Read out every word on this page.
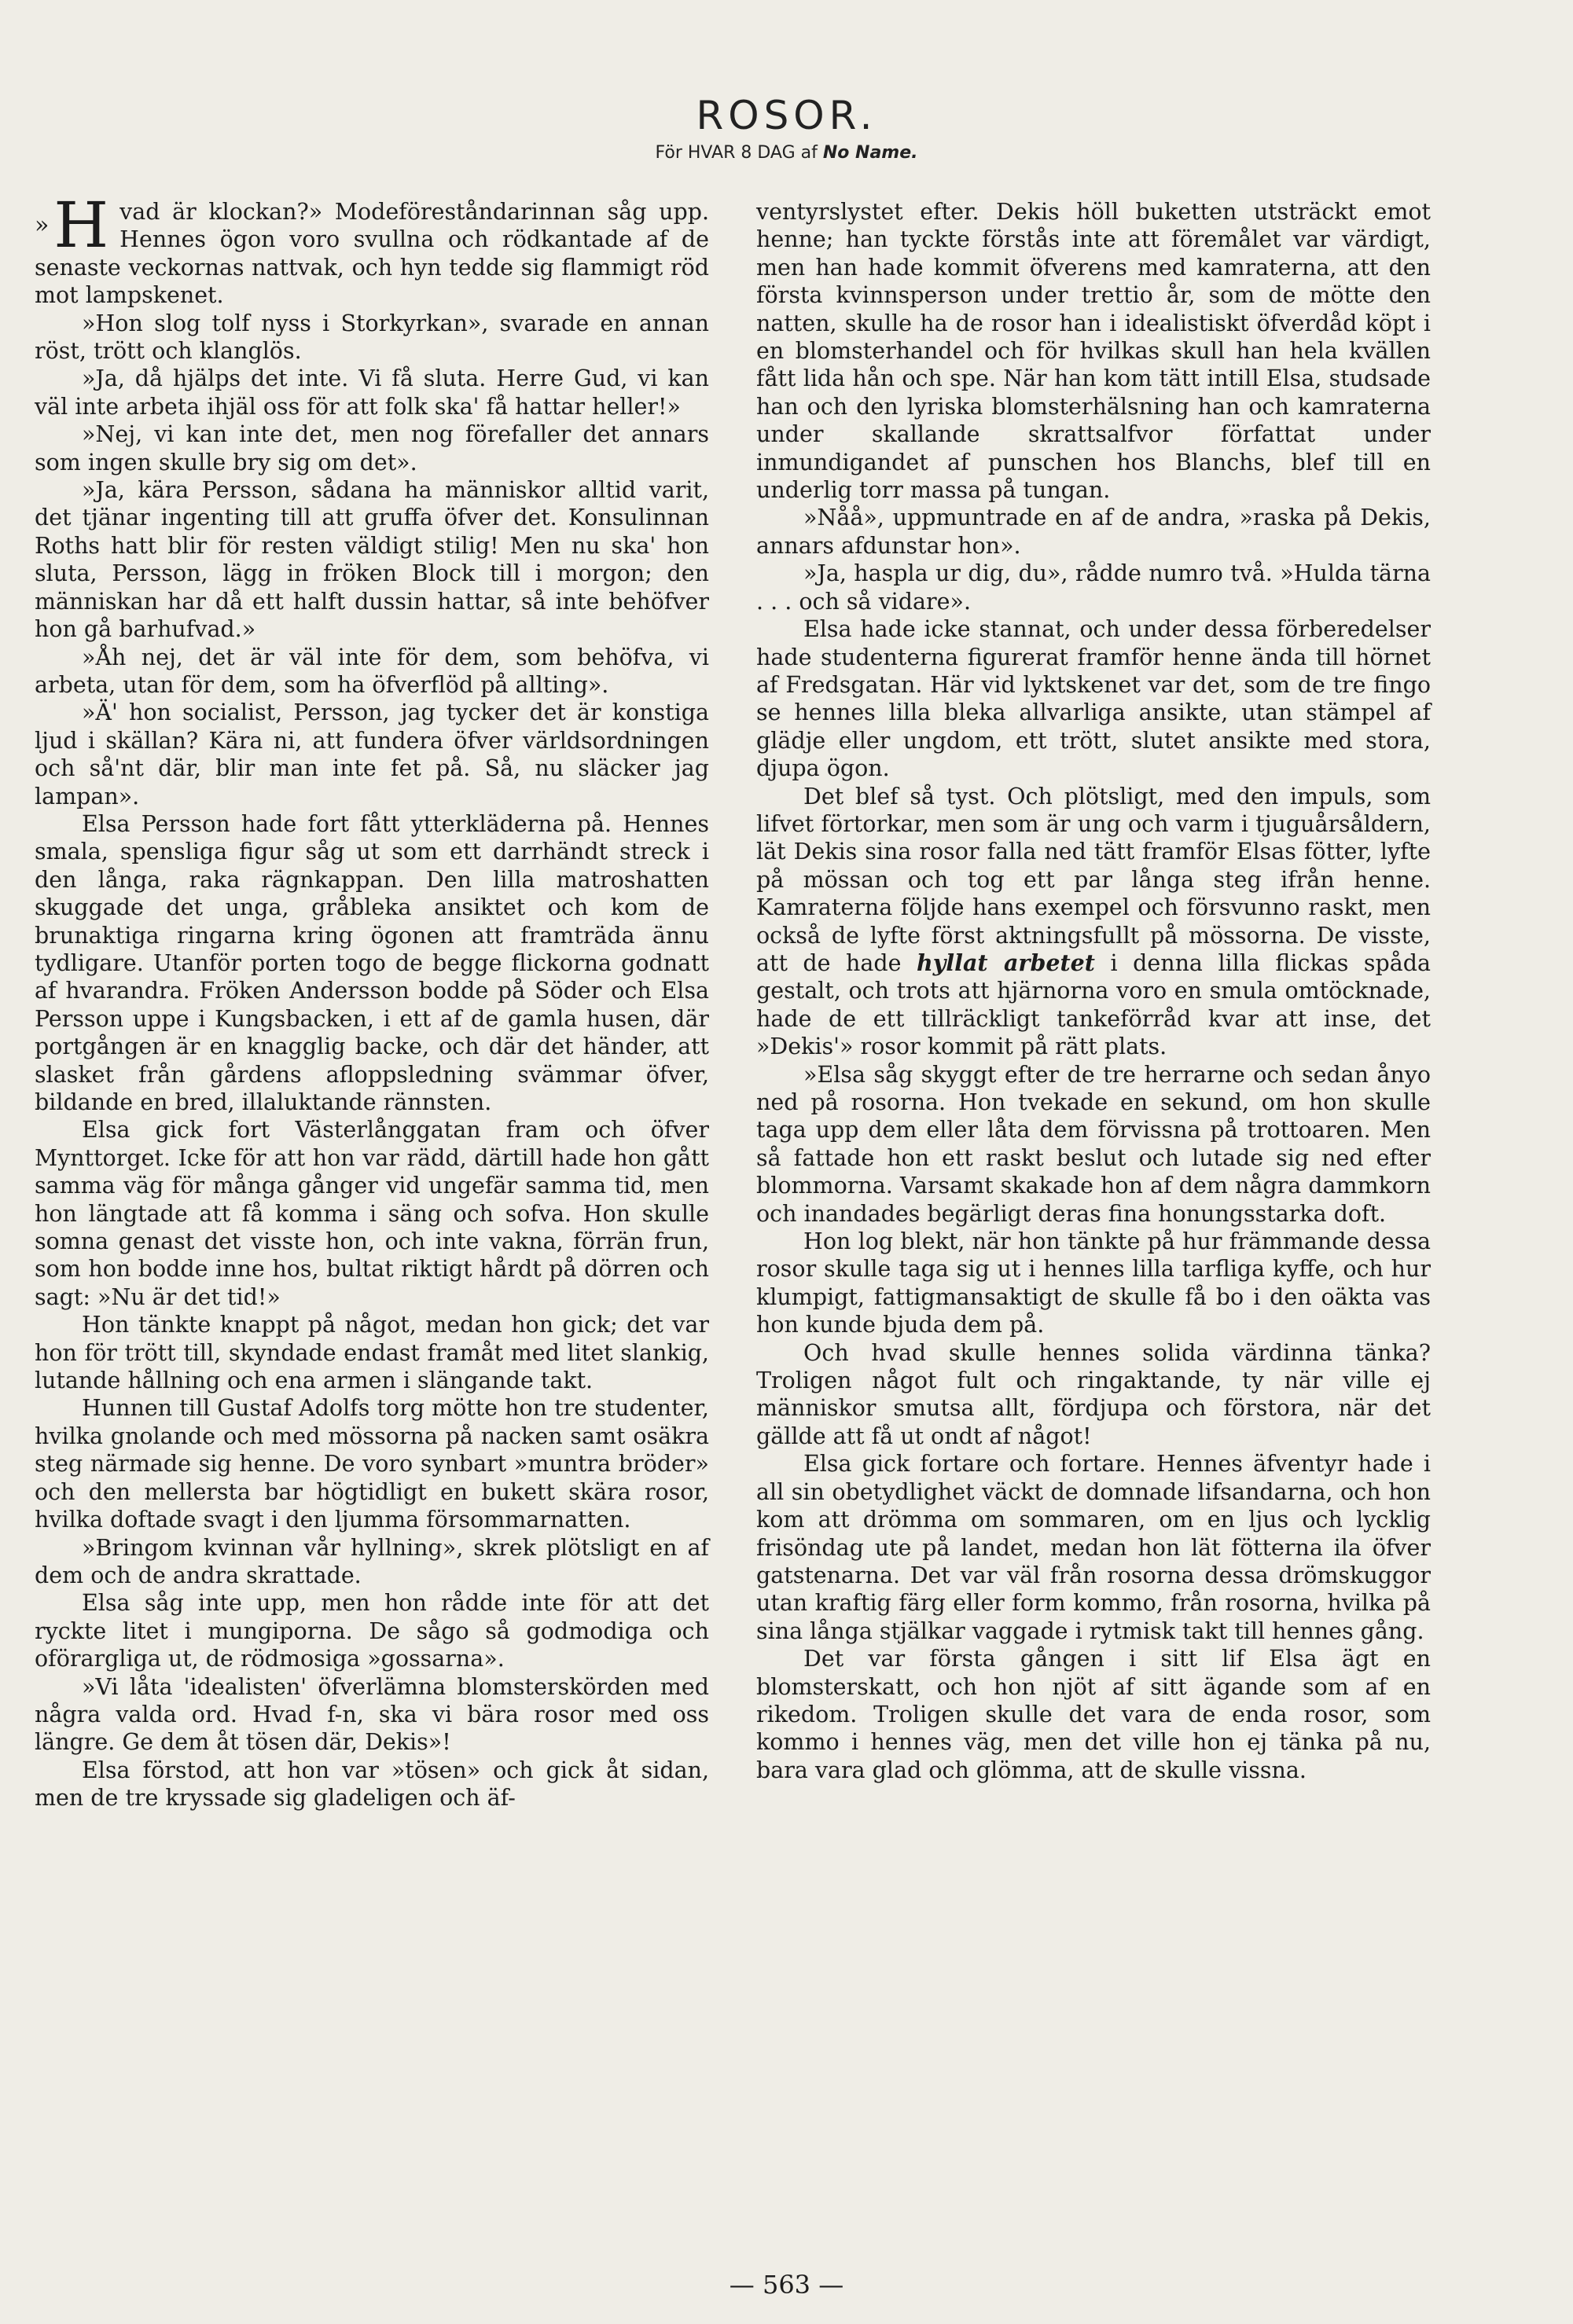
ROSOR.
För HVAR 8 DAG af No Name.

»H vad är klockan?» Modeföreståndarinnan såg upp. Hennes ögon voro svullna och rödkantade af de senaste veckornas nattvak, och hyn tedde sig flammigt röd mot lampskenet.

»Hon slog tolf nyss i Storkyrkan», svarade en annan röst, trött och klanglös.

»Ja, då hjälps det inte. Vi få sluta. Herre Gud, vi kan väl inte arbeta ihjäl oss för att folk ska' få hattar heller!»

»Nej, vi kan inte det, men nog förefaller det annars som ingen skulle bry sig om det».

»Ja, kära Persson, sådana ha människor alltid varit, det tjänar ingenting till att gruffa öfver det. Konsulinnan Roths hatt blir för resten väldigt stilig! Men nu ska' hon sluta, Persson, lägg in fröken Block till i morgon; den människan har då ett halft dussin hattar, så inte behöfver hon gå barhufvad.»

»Åh nej, det är väl inte för dem, som behöfva, vi arbeta, utan för dem, som ha öfverflöd på allting».

»Ä' hon socialist, Persson, jag tycker det är konstiga ljud i skällan? Kära ni, att fundera öfver världsordningen och så'nt där, blir man inte fet på. Så, nu släcker jag lampan».

Elsa Persson hade fort fått ytterkläderna på. Hennes smala, spensliga figur såg ut som ett darrhändt streck i den långa, raka rägnkappan. Den lilla matroshatten skuggade det unga, gråbleka ansiktet och kom de brunaktiga ringarna kring ögonen att framträda ännu tydligare. Utanför porten togo de begge flickorna godnatt af hvarandra. Fröken Andersson bodde på Söder och Elsa Persson uppe i Kungsbacken, i ett af de gamla husen, där portgången är en knagglig backe, och där det händer, att slasket från gårdens afloppsledning svämmar öfver, bildande en bred, illaluktande rännsten.

Elsa gick fort Västerlånggatan fram och öfver Mynttorget. Icke för att hon var rädd, därtill hade hon gått samma väg för många gånger vid ungefär samma tid, men hon längtade att få komma i säng och sofva. Hon skulle somna genast det visste hon, och inte vakna, förrän frun, som hon bodde inne hos, bultat riktigt hårdt på dörren och sagt: »Nu är det tid!»

Hon tänkte knappt på något, medan hon gick; det var hon för trött till, skyndade endast framåt med litet slankig, lutande hållning och ena armen i slängande takt.

Hunnen till Gustaf Adolfs torg mötte hon tre studenter, hvilka gnolande och med mössorna på nacken samt osäkra steg närmade sig henne. De voro synbart »muntra bröder» och den mellersta bar högtidligt en bukett skära rosor, hvilka doftade svagt i den ljumma försommarnatten.

»Bringom kvinnan vår hyllning», skrek plötsligt en af dem och de andra skrattade.

Elsa såg inte upp, men hon rådde inte för att det ryckte litet i mungiporna. De sågo så godmodiga och oförargliga ut, de rödmosiga »gossarna».

»Vi låta 'idealisten' öfverlämna blomsterskörden med några valda ord. Hvad f-n, ska vi bära rosor med oss längre. Ge dem åt tösen där, Dekis»!

Elsa förstod, att hon var »tösen» och gick åt sidan, men de tre kryssade sig gladeligen och äf-

ventyrslystet efter. Dekis höll buketten utsträckt emot henne; han tyckte förstås inte att föremålet var värdigt, men han hade kommit öfverens med kamraterna, att den första kvinnsperson under trettio år, som de mötte den natten, skulle ha de rosor han i idealistiskt öfverdåd köpt i en blomsterhandel och för hvilkas skull han hela kvällen fått lida hån och spe. När han kom tätt intill Elsa, studsade han och den lyriska blomsterhälsning han och kamraterna under skallande skrattsalfvor författat under inmundigandet af punschen hos Blanchs, blef till en underlig torr massa på tungan.

»Nåå», uppmuntrade en af de andra, »raska på Dekis, annars afdunstar hon».

»Ja, haspla ur dig, du», rådde numro två. »Hulda tärna . . . och så vidare».

Elsa hade icke stannat, och under dessa förberedelser hade studenterna figurerat framför henne ända till hörnet af Fredsgatan. Här vid lyktskenet var det, som de tre fingo se hennes lilla bleka allvarliga ansikte, utan stämpel af glädje eller ungdom, ett trött, slutet ansikte med stora, djupa ögon.

Det blef så tyst. Och plötsligt, med den impuls, som lifvet förtorkar, men som är ung och varm i tjuguårsåldern, lät Dekis sina rosor falla ned tätt framför Elsas fötter, lyfte på mössan och tog ett par långa steg ifrån henne. Kamraterna följde hans exempel och försvunno raskt, men också de lyfte först aktningsfullt på mössorna. De visste, att de hade hyllat arbetet i denna lilla flickas spåda gestalt, och trots att hjärnorna voro en smula omtöcknade, hade de ett tillräckligt tankeförråd kvar att inse, det »Dekis'» rosor kommit på rätt plats.

»Elsa såg skyggt efter de tre herrarne och sedan ånyo ned på rosorna. Hon tvekade en sekund, om hon skulle taga upp dem eller låta dem förvissna på trottoaren. Men så fattade hon ett raskt beslut och lutade sig ned efter blommorna. Varsamt skakade hon af dem några dammkorn och inandades begärligt deras fina honungsstarka doft.

Hon log blekt, när hon tänkte på hur främmande dessa rosor skulle taga sig ut i hennes lilla tarfliga kyffe, och hur klumpigt, fattigmansaktigt de skulle få bo i den oäkta vas hon kunde bjuda dem på.

Och hvad skulle hennes solida värdinna tänka? Troligen något fult och ringaktande, ty när ville ej människor smutsa allt, fördjupa och förstora, när det gällde att få ut ondt af något!

Elsa gick fortare och fortare. Hennes äfventyr hade i all sin obetydlighet väckt de domnade lifsandarna, och hon kom att drömma om sommaren, om en ljus och lycklig frisöndag ute på landet, medan hon lät fötterna ila öfver gatstenarna. Det var väl från rosorna dessa drömskuggor utan kraftig färg eller form kommo, från rosorna, hvilka på sina långa stjälkar vaggade i rytmisk takt till hennes gång.

Det var första gången i sitt lif Elsa ägt en blomsterskatt, och hon njöt af sitt ägande som af en rikedom. Troligen skulle det vara de enda rosor, som kommo i hennes väg, men det ville hon ej tänka på nu, bara vara glad och glömma, att de skulle vissna.

— 563 —
